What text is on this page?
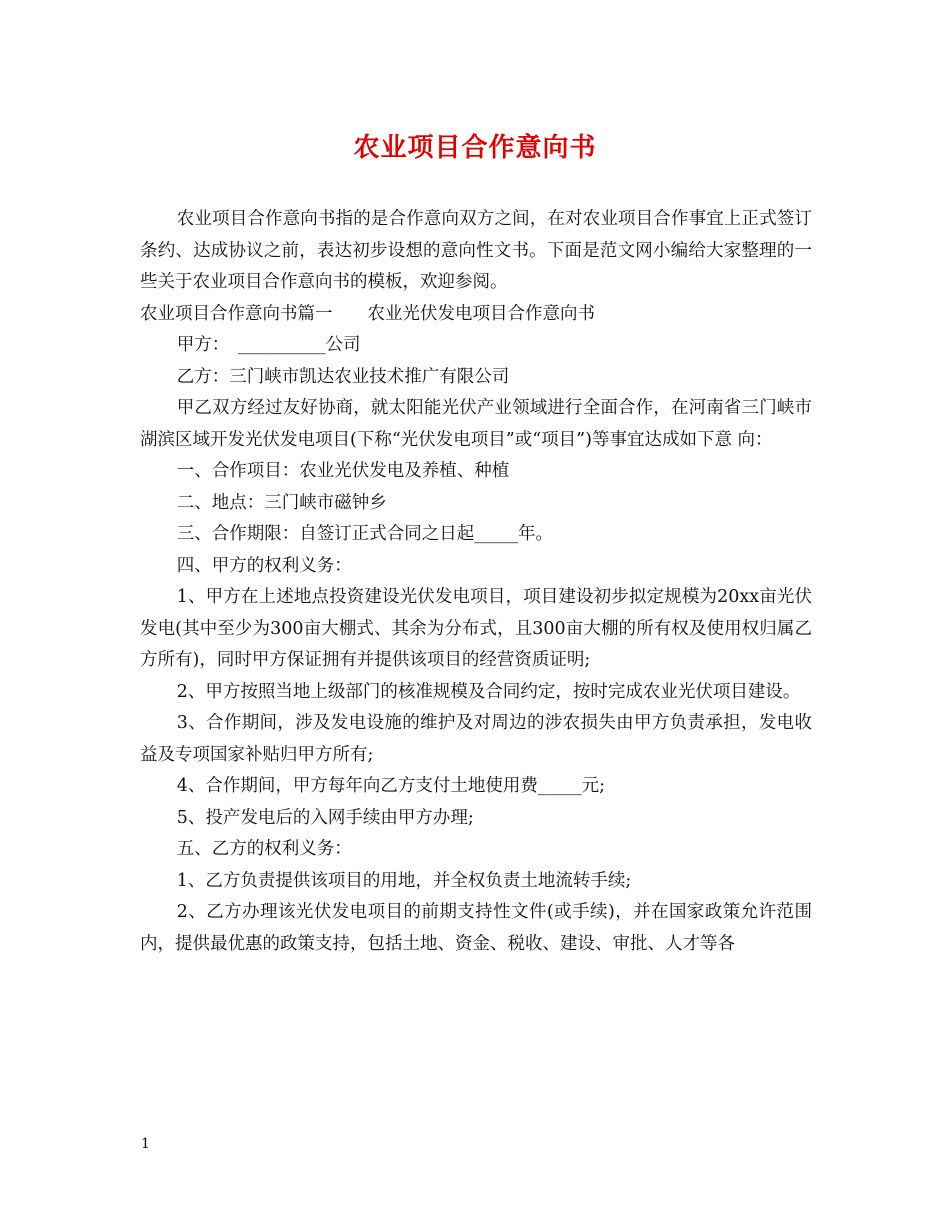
农业项目合作意向书

农业项目合作意向书指的是合作意向双方之间，在对农业项目合作事宜上正式签订条约、达成协议之前，表达初步设想的意向性文书。下面是范文网小编给大家整理的一些关于农业项目合作意向书的模板，欢迎参阅。

农业项目合作意向书篇一　　农业光伏发电项目合作意向书

甲方：　__________公司

乙方：三门峡市凯达农业技术推广有限公司

甲乙双方经过友好协商，就太阳能光伏产业领域进行全面合作，在河南省三门峡市湖滨区域开发光伏发电项目(下称“光伏发电项目”或“项目”)等事宜达成如下意 向：

一、合作项目：农业光伏发电及养植、种植

二、地点：三门峡市磁钟乡

三、合作期限：自签订正式合同之日起_____年。

四、甲方的权利义务：

1、甲方在上述地点投资建设光伏发电项目，项目建设初步拟定规模为20xx亩光伏发电(其中至少为300亩大棚式、其余为分布式，且300亩大棚的所有权及使用权归属乙方所有)，同时甲方保证拥有并提供该项目的经营资质证明;

2、甲方按照当地上级部门的核准规模及合同约定，按时完成农业光伏项目建设。

3、合作期间，涉及发电设施的维护及对周边的涉农损失由甲方负责承担，发电收益及专项国家补贴归甲方所有;

4、合作期间，甲方每年向乙方支付土地使用费_____元;

5、投产发电后的入网手续由甲方办理;

五、乙方的权利义务：

1、乙方负责提供该项目的用地，并全权负责土地流转手续;

2、乙方办理该光伏发电项目的前期支持性文件(或手续)，并在国家政策允许范围内，提供最优惠的政策支持，包括土地、资金、税收、建设、审批、人才等各

1
